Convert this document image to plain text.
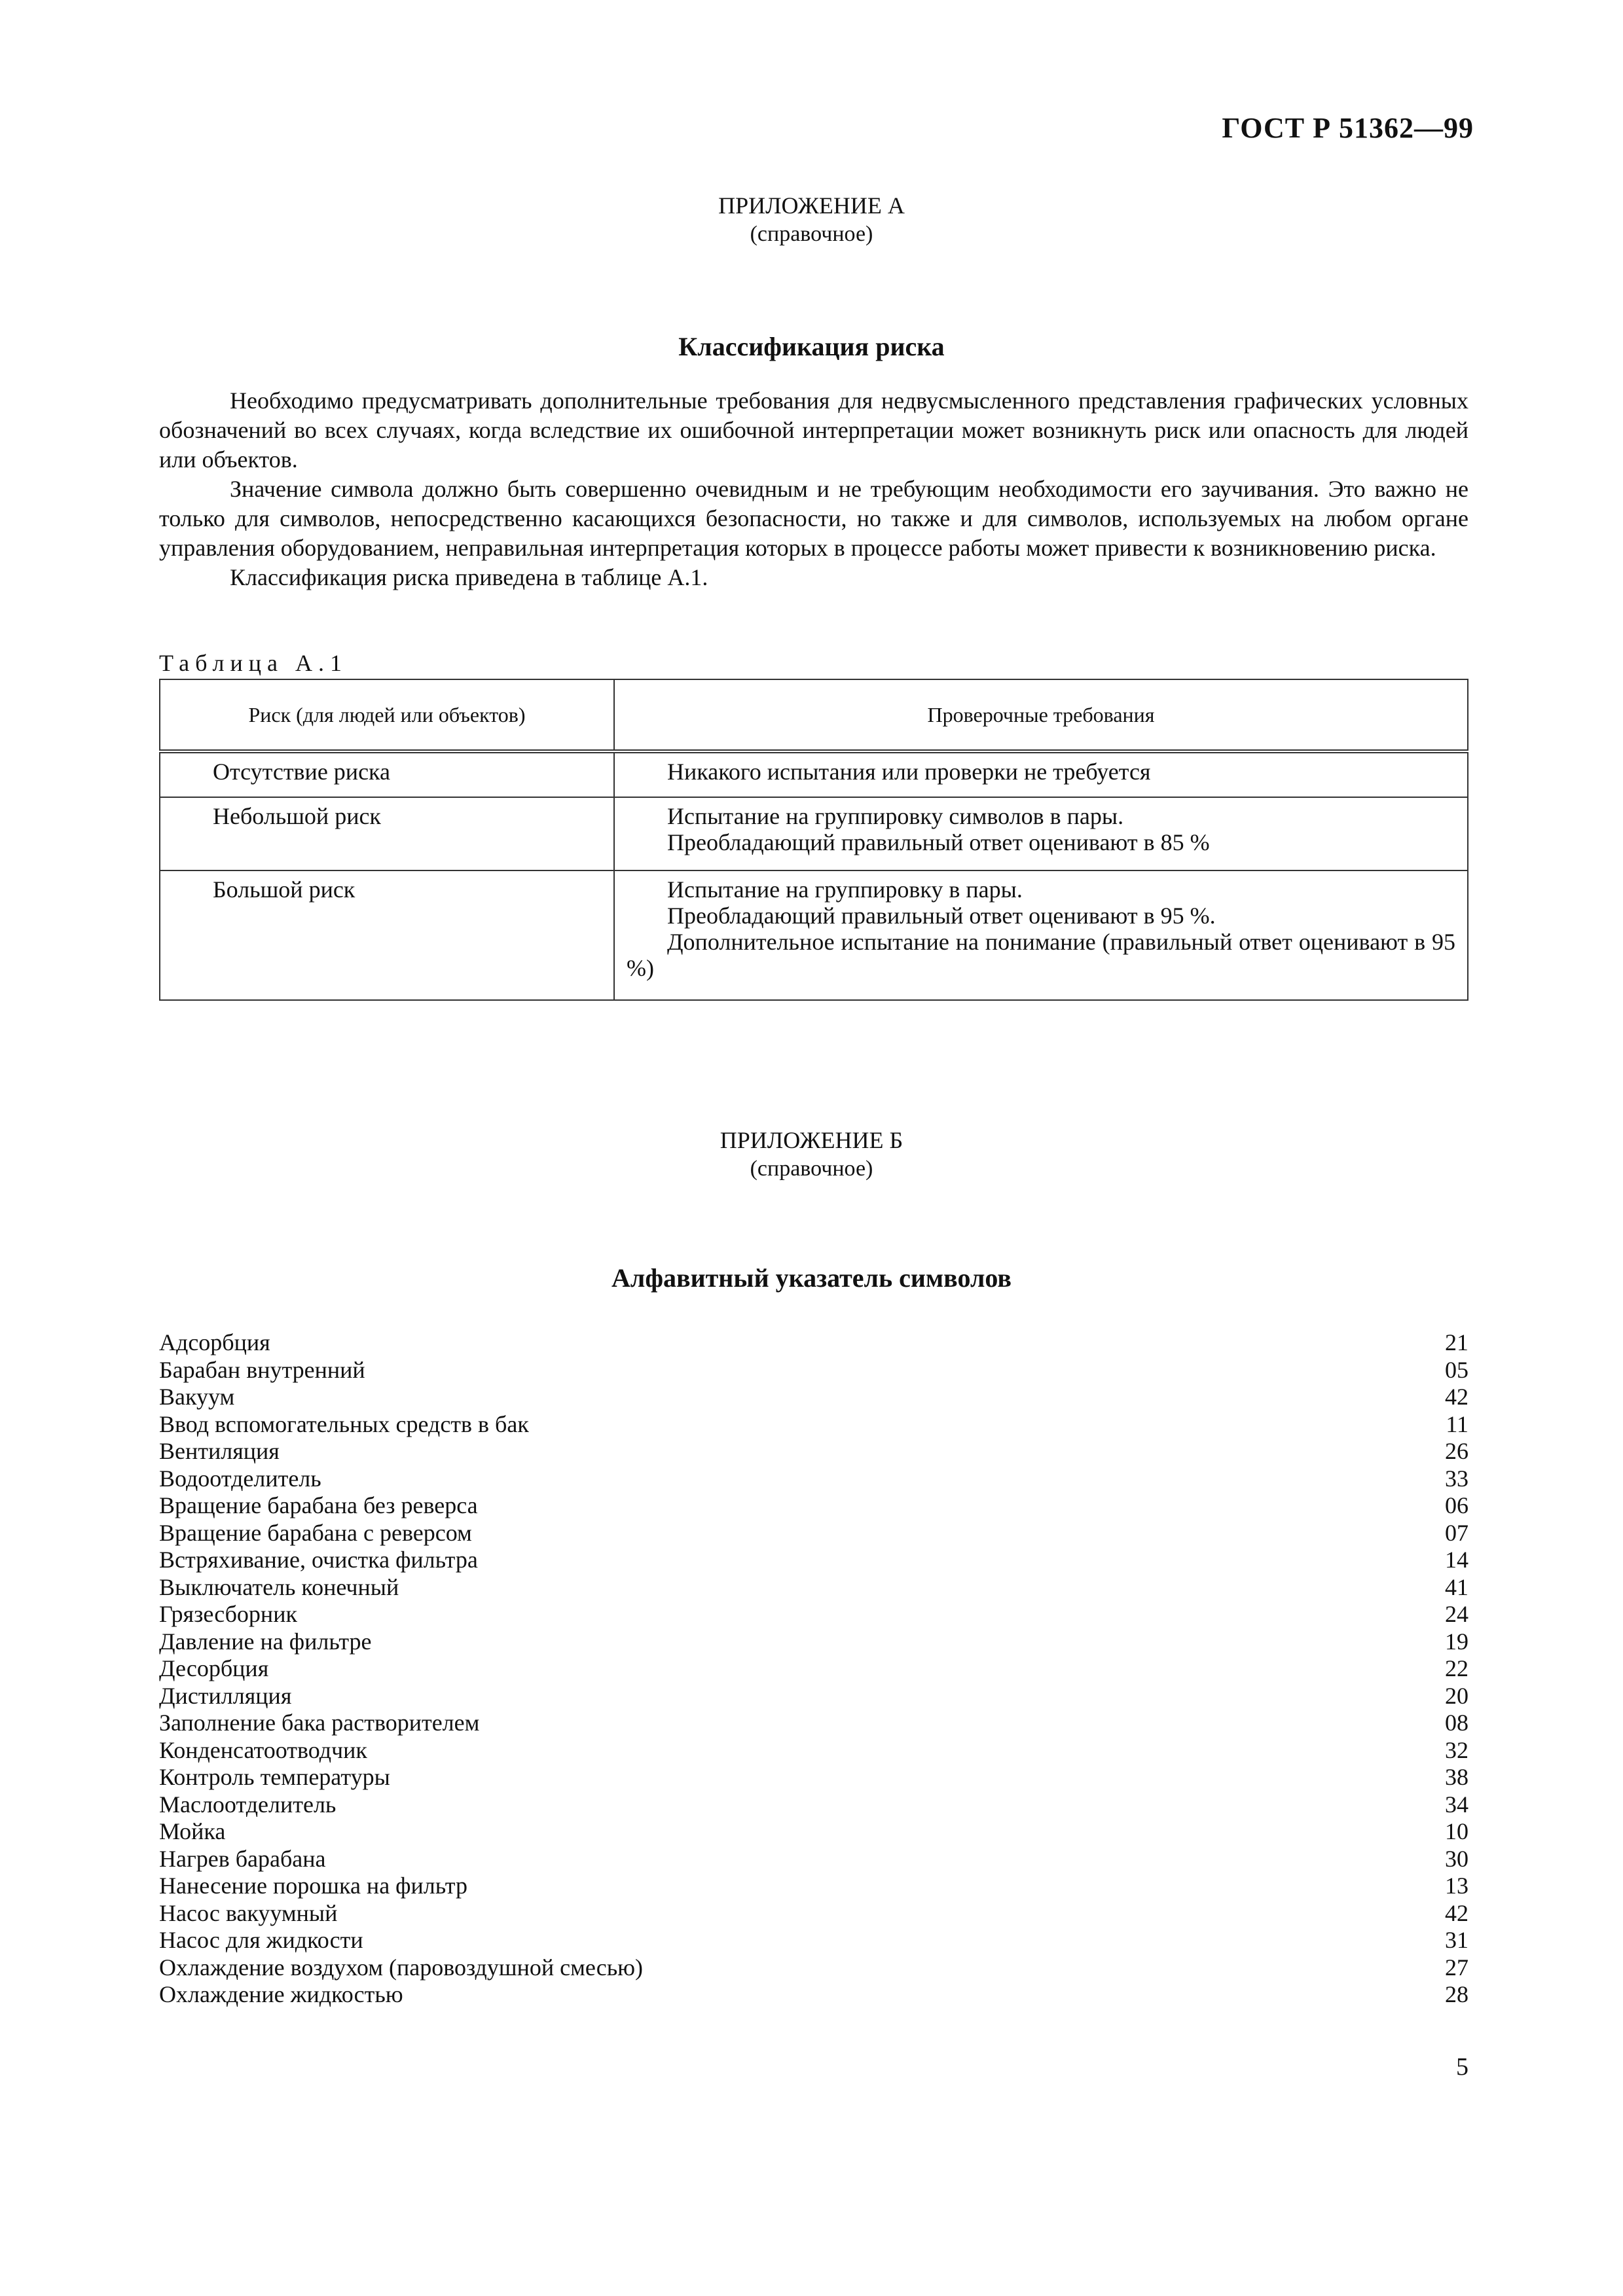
ГОСТ Р 51362—99
ПРИЛОЖЕНИЕ А
(справочное)
Классификация риска

Необходимо предусматривать дополнительные требования для недвусмысленного представления графических условных обозначений во всех случаях, когда вследствие их ошибочной интерпретации может возникнуть риск или опасность для людей или объектов.

Значение символа должно быть совершенно очевидным и не требующим необходимости его заучивания. Это важно не только для символов, непосредственно касающихся безопасности, но также и для символов, используемых на любом органе управления оборудованием, неправильная интерпретация которых в процессе работы может привести к возникновению риска.

Классификация риска приведена в таблице А.1.

Таблица А.1
Риск (для людей или объектов)	Проверочные требования
Отсутствие риска	Никакого испытания или проверки не требуется

Небольшой риск	Испытание на группировку символов в пары.
Преобладающий правильный ответ оценивают в 85 %

Большой риск	Испытание на группировку в пары.
Преобладающий правильный ответ оценивают в 95 %.
Дополнительное испытание на понимание (правильный ответ оценивают в 95 %)
ПРИЛОЖЕНИЕ Б
(справочное)
Алфавитный указатель символов
Адсорбция	21
Барабан внутренний	05
Вакуум	42
Ввод вспомогательных средств в бак	11
Вентиляция	26
Водоотделитель	33
Вращение барабана без реверса	06
Вращение барабана с реверсом	07
Встряхивание, очистка фильтра	14
Выключатель конечный	41
Грязесборник	24
Давление на фильтре	19
Десорбция	22
Дистилляция	20
Заполнение бака растворителем	08
Конденсатоотводчик	32
Контроль температуры	38
Маслоотделитель	34
Мойка	10
Нагрев барабана	30
Нанесение порошка на фильтр	13
Насос вакуумный	42
Насос для жидкости	31
Охлаждение воздухом (паровоздушной смесью)	27
Охлаждение жидкостью	28
5
